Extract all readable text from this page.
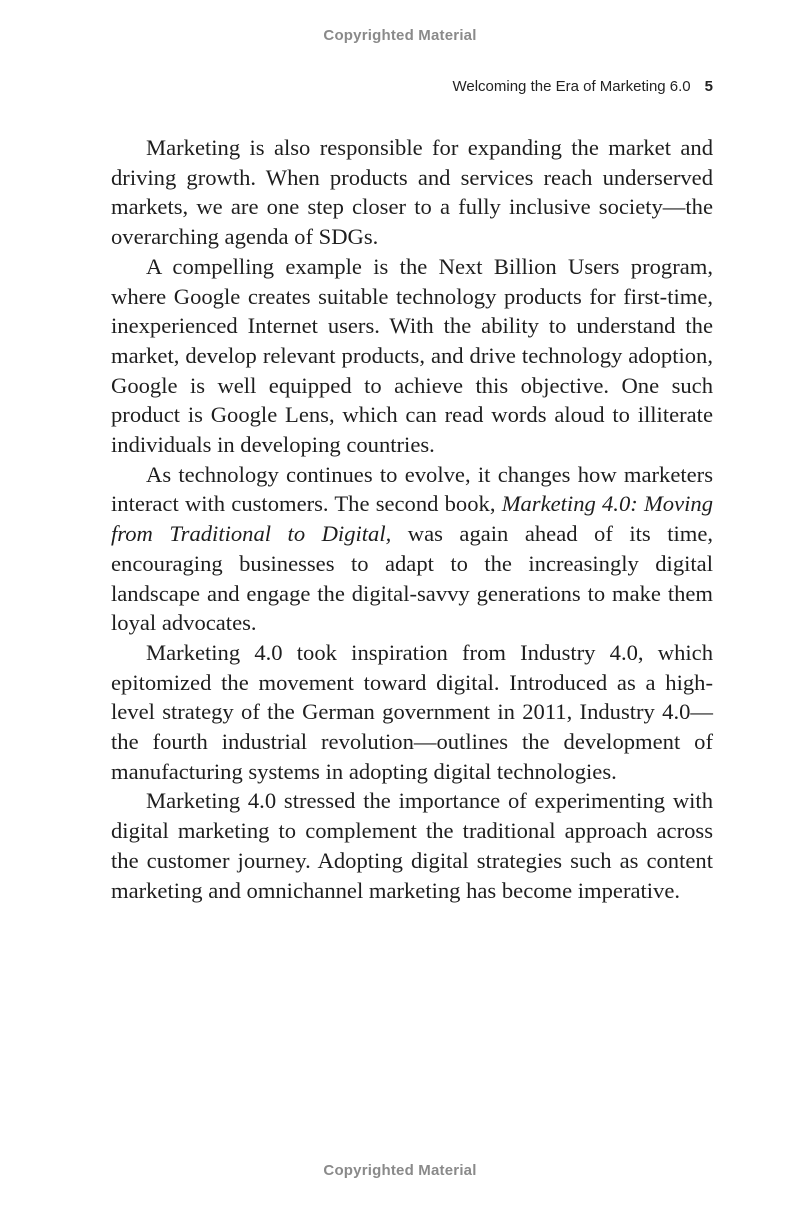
Copyrighted Material
Welcoming the Era of Marketing 6.0 5

Marketing is also responsible for expanding the market and driving growth. When products and services reach underserved markets, we are one step closer to a fully inclusive society—the overarching agenda of SDGs.

A compelling example is the Next Billion Users program, where Google creates suitable technology products for first-time, inexperienced Internet users. With the ability to understand the market, develop relevant products, and drive technology adoption, Google is well equipped to achieve this objective. One such product is Google Lens, which can read words aloud to illiterate individuals in developing countries.

As technology continues to evolve, it changes how marketers interact with customers. The second book, Marketing 4.0: Moving from Traditional to Digital, was again ahead of its time, encouraging businesses to adapt to the increasingly digital landscape and engage the digital-savvy generations to make them loyal advocates.

Marketing 4.0 took inspiration from Industry 4.0, which epitomized the movement toward digital. Introduced as a high-level strategy of the German government in 2011, Industry 4.0—the fourth industrial revolution—outlines the development of manufacturing systems in adopting digital technologies.

Marketing 4.0 stressed the importance of experimenting with digital marketing to complement the traditional approach across the customer journey. Adopting digital strategies such as content marketing and omnichannel marketing has become imperative.

Copyrighted Material
